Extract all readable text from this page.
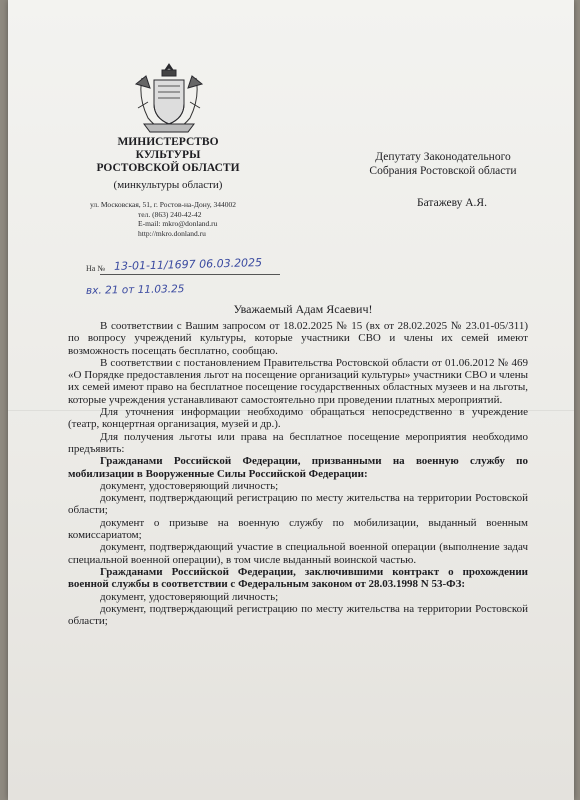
МИНИСТЕРСТВО
КУЛЬТУРЫ
РОСТОВСКОЙ ОБЛАСТИ
(минкультуры области)
ул. Московская, 51, г. Ростов-на-Дону, 344002
тел. (863) 240-42-42
E-mail: mkro@donland.ru
http://mkro.donland.ru
Депутату Законодательного
Собрания Ростовской области
Батажеву А.Я.
На № 13-01-11/1697 06.03.2025
вх. 21 от 11.03.25
Уважаемый Адам Ясаевич!

В соответствии с Вашим запросом от 18.02.2025 № 15 (вх от 28.02.2025 № 23.01-05/311) по вопросу учреждений культуры, которые участники СВО и члены их семей имеют возможность посещать бесплатно, сообщаю.

В соответствии с постановлением Правительства Ростовской области от 01.06.2012 № 469 «О Порядке предоставления льгот на посещение организаций культуры» участники СВО и члены их семей имеют право на бесплатное посещение государственных областных музеев и на льготы, которые учреждения устанавливают самостоятельно при проведении платных мероприятий.

Для уточнения информации необходимо обращаться непосредственно в учреждение (театр, концертная организация, музей и др.).

Для получения льготы или права на бесплатное посещение мероприятия необходимо предъявить:

Гражданами Российской Федерации, призванными на военную службу по мобилизации в Вооруженные Силы Российской Федерации:

документ, удостоверяющий личность;

документ, подтверждающий регистрацию по месту жительства на территории Ростовской области;

документ о призыве на военную службу по мобилизации, выданный военным комиссариатом;

документ, подтверждающий участие в специальной военной операции (выполнение задач специальной военной операции), в том числе выданный воинской частью.

Гражданами Российской Федерации, заключившими контракт о прохождении военной службы в соответствии с Федеральным законом от 28.03.1998 N 53-ФЗ:

документ, удостоверяющий личность;

документ, подтверждающий регистрацию по месту жительства на территории Ростовской области;
